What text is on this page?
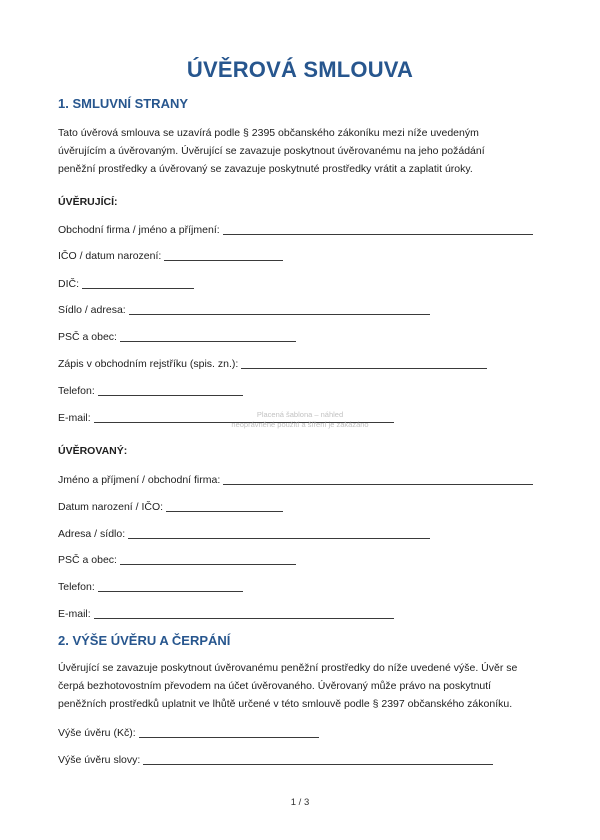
ÚVĚROVÁ SMLOUVA
1. SMLUVNÍ STRANY
Tato úvěrová smlouva se uzavírá podle § 2395 občanského zákoníku mezi níže uvedeným
úvěrujícím a úvěrovaným. Úvěrující se zavazuje poskytnout úvěrovanému na jeho požádání
peněžní prostředky a úvěrovaný se zavazuje poskytnuté prostředky vrátit a zaplatit úroky.
ÚVĚRUJÍCÍ:
Obchodní firma / jméno a příjmení:
IČO / datum narození:
DIČ:
Sídlo / adresa:
PSČ a obec:
Zápis v obchodním rejstříku (spis. zn.):
Telefon:
E-mail:	Placená šablona – náhled
neoprávněné použití a šíření je zakázáno
ÚVĚROVANÝ:
Jméno a příjmení / obchodní firma:
Datum narození / IČO:
Adresa / sídlo:
PSČ a obec:
Telefon:
E-mail:
2. VÝŠE ÚVĚRU A ČERPÁNÍ
Úvěrující se zavazuje poskytnout úvěrovanému peněžní prostředky do níže uvedené výše. Úvěr se
čerpá bezhotovostním převodem na účet úvěrovaného. Úvěrovaný může právo na poskytnutí
peněžních prostředků uplatnit ve lhůtě určené v této smlouvě podle § 2397 občanského zákoníku.
Výše úvěru (Kč):
Výše úvěru slovy:
1 / 3
